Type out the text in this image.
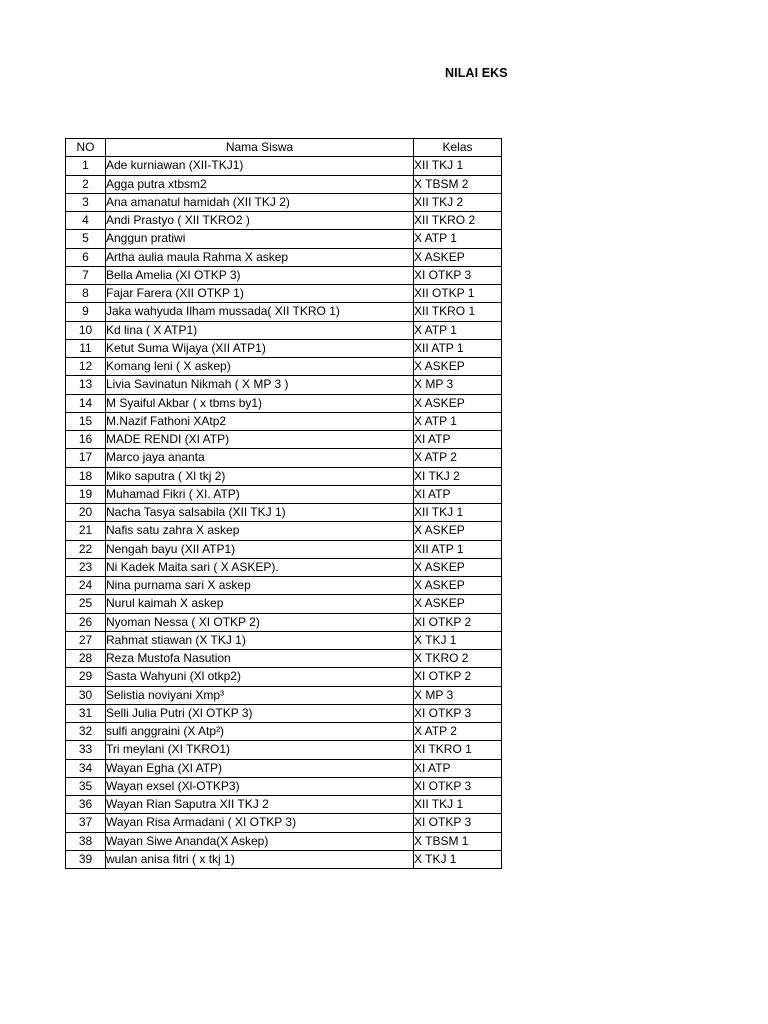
NILAI EKS
NO	Nama Siswa	Kelas
1	Ade kurniawan (XII-TKJ1)	XII TKJ 1
2	Agga putra xtbsm2	X TBSM 2
3	Ana amanatul hamidah (XII TKJ 2)	XII TKJ 2
4	Andi Prastyo ( XII TKRO2 )	XII TKRO 2
5	Anggun pratiwi	X ATP 1
6	Artha aulia maula Rahma X askep	X ASKEP
7	Bella Amelia (XI OTKP 3)	XI OTKP 3
8	Fajar Farera (XII OTKP 1)	XII OTKP 1
9	Jaka wahyuda Ilham mussada( XII TKRO 1)	XII TKRO 1
10	Kd lina ( X ATP1)	X ATP 1
11	Ketut Suma Wijaya (XII ATP1)	XII ATP 1
12	Komang leni ( X askep)	X ASKEP
13	Livia Savinatun Nikmah ( X MP 3 )	X MP 3
14	M Syaiful Akbar ( x tbms by1)	X ASKEP
15	M.Nazif Fathoni XAtp2	X ATP 1
16	MADE RENDI (XI ATP)	XI ATP
17	Marco jaya ananta	X ATP 2
18	Miko saputra ( Xl tkj 2)	XI TKJ 2
19	Muhamad Fikri ( XI. ATP)	XI ATP
20	Nacha Tasya salsabila (XII TKJ 1)	XII TKJ 1
21	Nafis satu zahra X askep	X ASKEP
22	Nengah bayu (XII ATP1)	XII ATP 1
23	Ni Kadek Maita sari ( X ASKEP).	X ASKEP
24	Nina purnama sari X askep	X ASKEP
25	Nurul kaimah X askep	X ASKEP
26	Nyoman Nessa ( XI OTKP 2)	XI OTKP 2
27	Rahmat stiawan (X TKJ 1)	X TKJ 1
28	Reza Mustofa Nasution	X TKRO 2
29	Sasta Wahyuni (Xl otkp2)	XI OTKP 2
30	Selistia noviyani Xmp³	X MP 3
31	Selli Julia Putri (Xl OTKP 3)	XI OTKP 3
32	sulfi anggraini (X Atp²)	X ATP 2
33	Tri meylani (XI TKRO1)	XI TKRO 1
34	Wayan Egha (XI ATP)	XI ATP
35	Wayan exsel (Xl-OTKP3)	XI OTKP 3
36	Wayan Rian Saputra XII TKJ 2	XII TKJ 1
37	Wayan Risa Armadani ( XI OTKP 3)	XI OTKP 3
38	Wayan Siwe Ananda(X Askep)	X TBSM 1
39	wulan anisa fitri ( x tkj 1)	X TKJ 1
